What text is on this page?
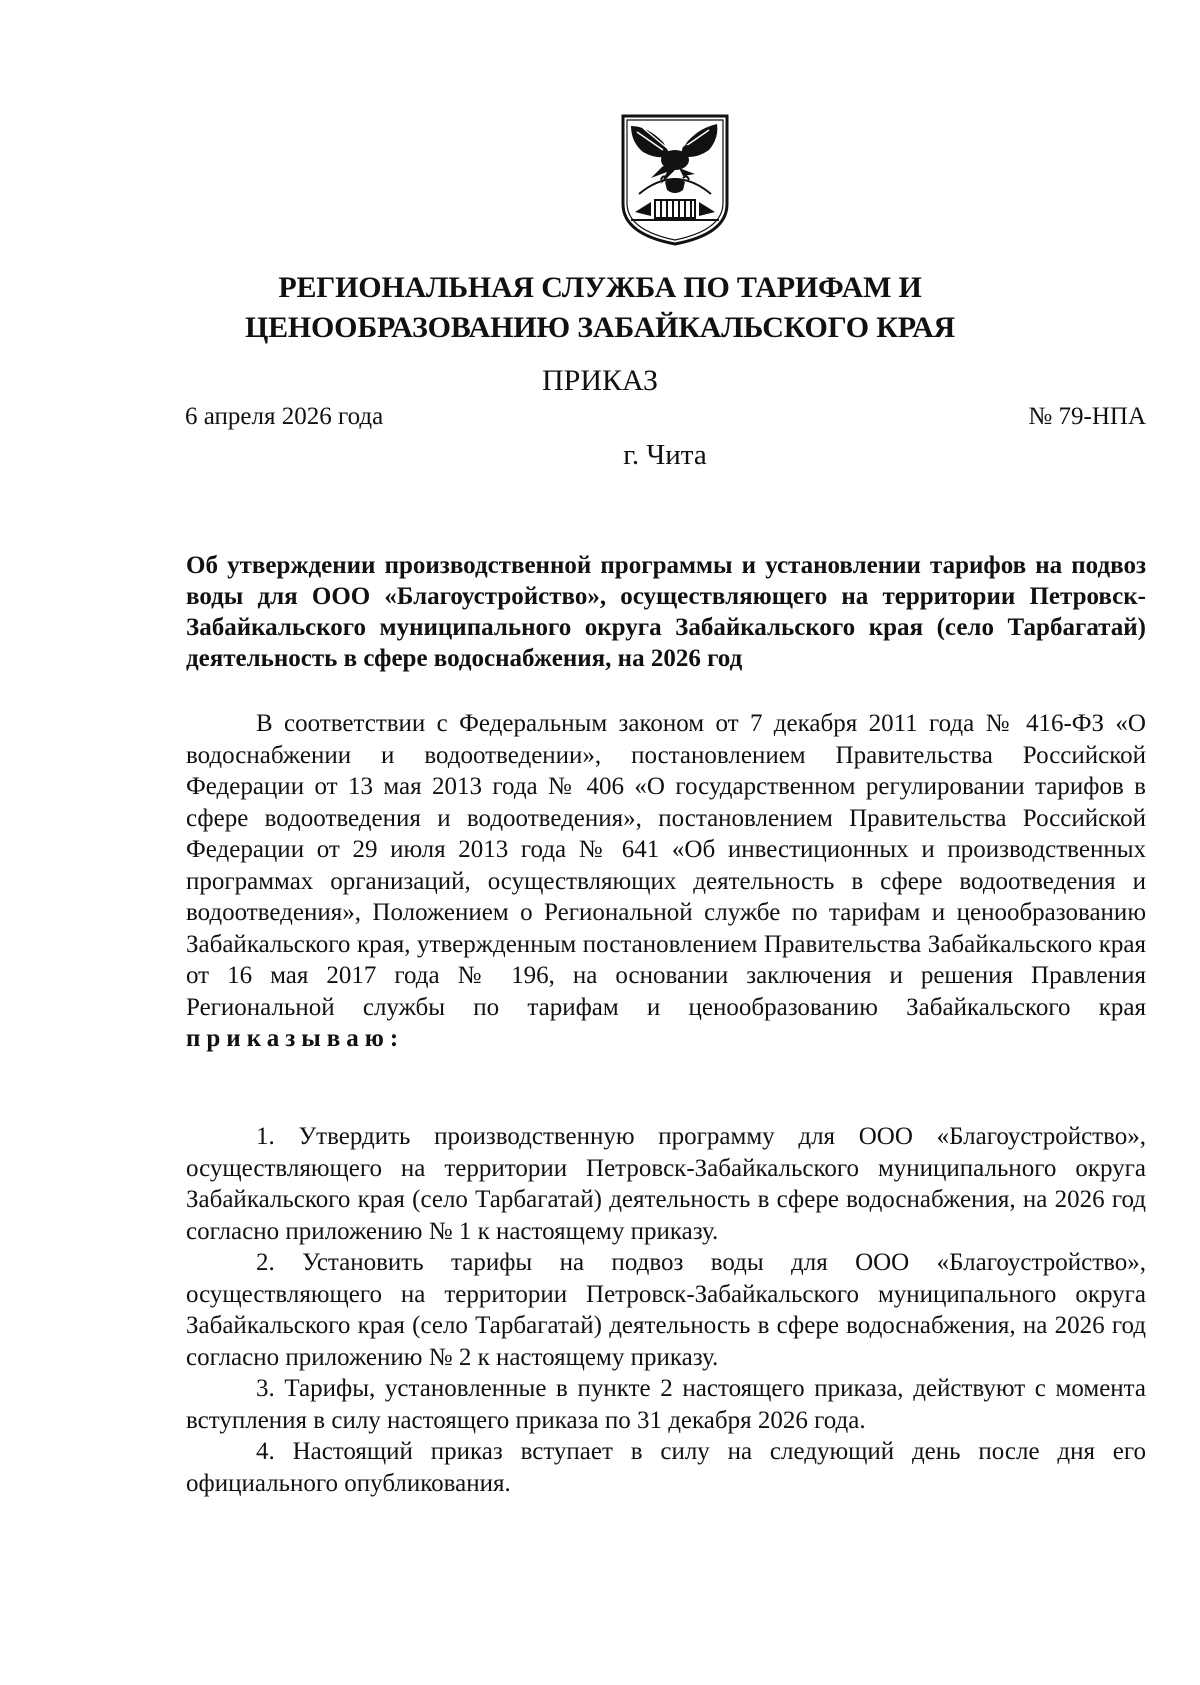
РЕГИОНАЛЬНАЯ СЛУЖБА ПО ТАРИФАМ И
ЦЕНООБРАЗОВАНИЮ ЗАБАЙКАЛЬСКОГО КРАЯ
ПРИКАЗ
6 апреля 2026 года	№ 79-НПА
г. Чита
Об утверждении производственной программы и установлении тарифов на подвоз воды для ООО «Благоустройство», осуществляющего на территории Петровск-Забайкальского муниципального округа Забайкальского края (село Тарбагатай) деятельность в сфере водоснабжения, на 2026 год

В соответствии с Федеральным законом от 7 декабря 2011 года № 416-ФЗ «О водоснабжении и водоотведении», постановлением Правительства Российской Федерации от 13 мая 2013 года № 406 «О государственном регулировании тарифов в сфере водоотведения и водоотведения», постановлением Правительства Российской Федерации от 29 июля 2013 года № 641 «Об инвестиционных и производственных программах организаций, осуществляющих деятельность в сфере водоотведения и водоотведения», Положением о Региональной службе по тарифам и ценообразованию Забайкальского края, утвержденным постановлением Правительства Забайкальского края от 16 мая 2017 года № 196, на основании заключения и решения Правления Региональной службы по тарифам и ценообразованию Забайкальского края приказываю:

1. Утвердить производственную программу для ООО «Благоустройство», осуществляющего на территории Петровск-Забайкальского муниципального округа Забайкальского края (село Тарбагатай) деятельность в сфере водоснабжения, на 2026 год согласно приложению № 1 к настоящему приказу.

2. Установить тарифы на подвоз воды для ООО «Благоустройство», осуществляющего на территории Петровск-Забайкальского муниципального округа Забайкальского края (село Тарбагатай) деятельность в сфере водоснабжения, на 2026 год согласно приложению № 2 к настоящему приказу.

3. Тарифы, установленные в пункте 2 настоящего приказа, действуют с момента вступления в силу настоящего приказа по 31 декабря 2026 года.

4. Настоящий приказ вступает в силу на следующий день после дня его официального опубликования.
